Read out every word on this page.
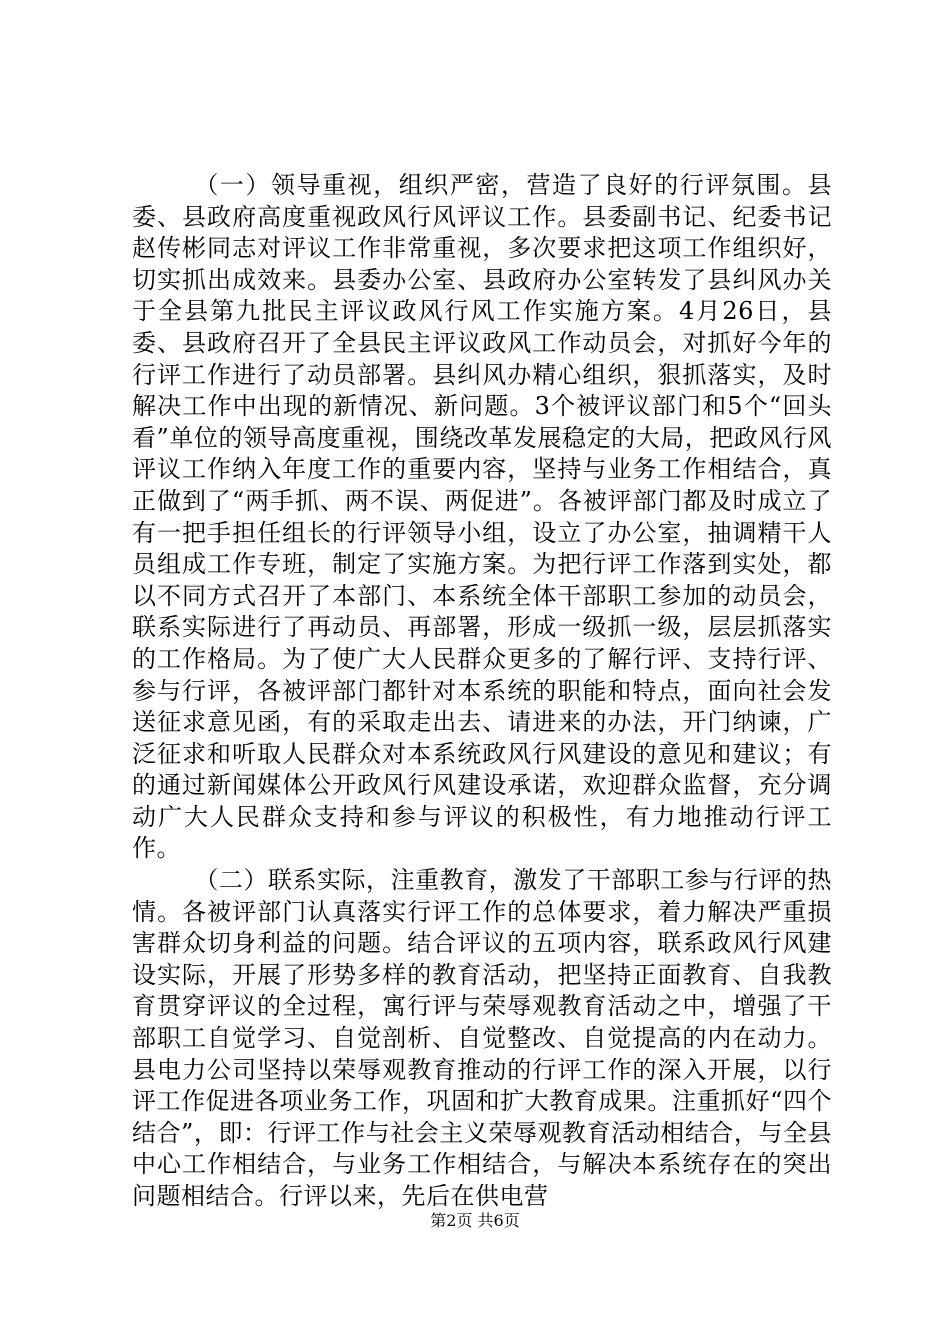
（一）领导重视，组织严密，营造了良好的行评氛围。县委、县政府高度重视政风行风评议工作。县委副书记、纪委书记赵传彬同志对评议工作非常重视，多次要求把这项工作组织好，切实抓出成效来。县委办公室、县政府办公室转发了县纠风办关于全县第九批民主评议政风行风工作实施方案。4月26日，县委、县政府召开了全县民主评议政风工作动员会，对抓好今年的行评工作进行了动员部署。县纠风办精心组织，狠抓落实，及时解决工作中出现的新情况、新问题。3个被评议部门和5个“回头看”单位的领导高度重视，围绕改革发展稳定的大局，把政风行风评议工作纳入年度工作的重要内容，坚持与业务工作相结合，真正做到了“两手抓、两不误、两促进”。各被评部门都及时成立了有一把手担任组长的行评领导小组，设立了办公室，抽调精干人员组成工作专班，制定了实施方案。为把行评工作落到实处，都以不同方式召开了本部门、本系统全体干部职工参加的动员会，联系实际进行了再动员、再部署，形成一级抓一级，层层抓落实的工作格局。为了使广大人民群众更多的了解行评、支持行评、参与行评，各被评部门都针对本系统的职能和特点，面向社会发送征求意见函，有的采取走出去、请进来的办法，开门纳谏，广泛征求和听取人民群众对本系统政风行风建设的意见和建议；有的通过新闻媒体公开政风行风建设承诺，欢迎群众监督，充分调动广大人民群众支持和参与评议的积极性，有力地推动行评工作。

（二）联系实际，注重教育，激发了干部职工参与行评的热情。各被评部门认真落实行评工作的总体要求，着力解决严重损害群众切身利益的问题。结合评议的五项内容，联系政风行风建设实际，开展了形势多样的教育活动，把坚持正面教育、自我教育贯穿评议的全过程，寓行评与荣辱观教育活动之中，增强了干部职工自觉学习、自觉剖析、自觉整改、自觉提高的内在动力。县电力公司坚持以荣辱观教育推动的行评工作的深入开展，以行评工作促进各项业务工作，巩固和扩大教育成果。注重抓好“四个结合”，即：行评工作与社会主义荣辱观教育活动相结合，与全县中心工作相结合，与业务工作相结合，与解决本系统存在的突出问题相结合。行评以来，先后在供电营

第2页 共6页
